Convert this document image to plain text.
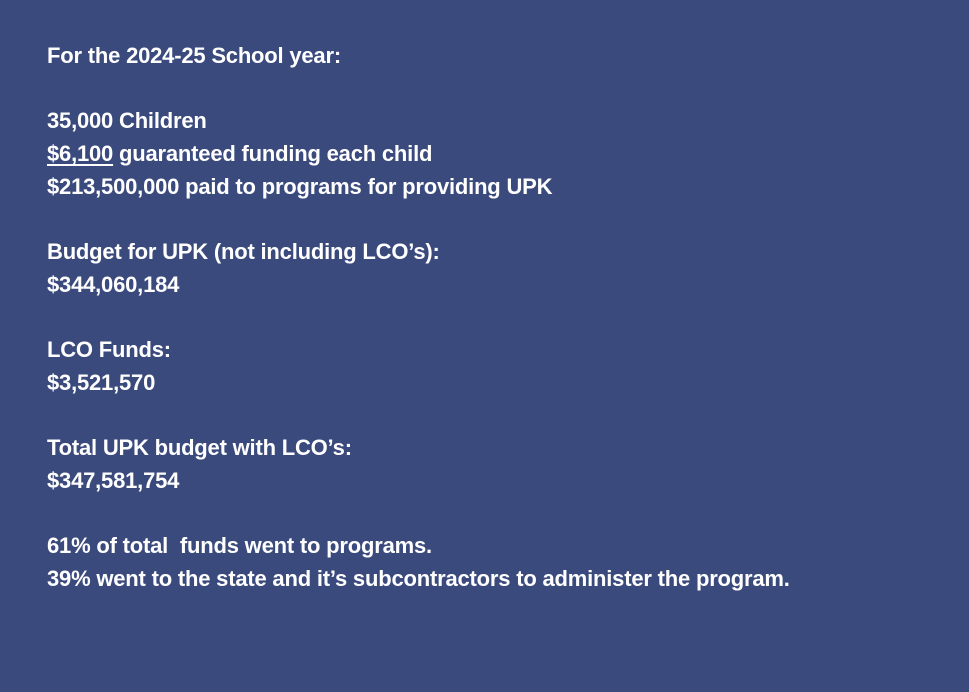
For the 2024-25 School year:
35,000 Children
$6,100 guaranteed funding each child
$213,500,000 paid to programs for providing UPK
Budget for UPK (not including LCO’s):
$344,060,184
LCO Funds:
$3,521,570
Total UPK budget with LCO’s:
$347,581,754
61% of total  funds went to programs.
39% went to the state and it’s subcontractors to administer the program.
